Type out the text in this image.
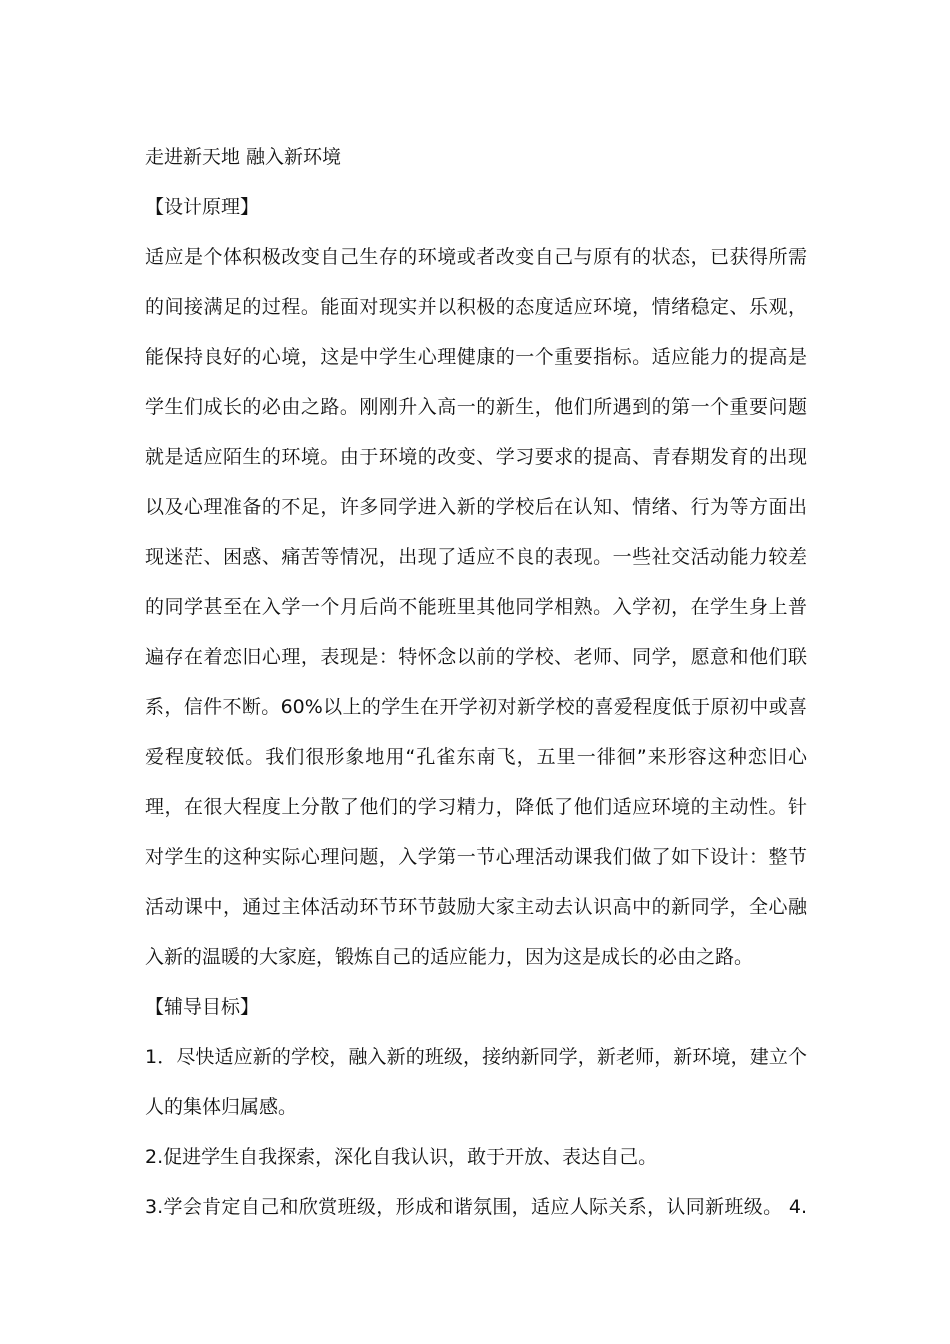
走进新天地 融入新环境
【设计原理】
适应是个体积极改变自己生存的环境或者改变自己与原有的状态，已获得所需
的间接满足的过程。能面对现实并以积极的态度适应环境，情绪稳定、乐观，
能保持良好的心境，这是中学生心理健康的一个重要指标。适应能力的提高是
学生们成长的必由之路。刚刚升入高一的新生，他们所遇到的第一个重要问题
就是适应陌生的环境。由于环境的改变、学习要求的提高、青春期发育的出现
以及心理准备的不足，许多同学进入新的学校后在认知、情绪、行为等方面出
现迷茫、困惑、痛苦等情况，出现了适应不良的表现。一些社交活动能力较差
的同学甚至在入学一个月后尚不能班里其他同学相熟。入学初，在学生身上普
遍存在着恋旧心理，表现是：特怀念以前的学校、老师、同学，愿意和他们联
系，信件不断。60%以上的学生在开学初对新学校的喜爱程度低于原初中或喜
爱程度较低。我们很形象地用“孔雀东南飞，五里一徘徊”来形容这种恋旧心
理，在很大程度上分散了他们的学习精力，降低了他们适应环境的主动性。针
对学生的这种实际心理问题，入学第一节心理活动课我们做了如下设计：整节
活动课中，通过主体活动环节环节鼓励大家主动去认识高中的新同学，全心融
入新的温暖的大家庭，锻炼自己的适应能力，因为这是成长的必由之路。
【辅导目标】
1．尽快适应新的学校，融入新的班级，接纳新同学，新老师，新环境，建立个
人的集体归属感。
2.促进学生自我探索，深化自我认识，敢于开放、表达自己。
3.学会肯定自己和欣赏班级，形成和谐氛围，适应人际关系，认同新班级。 4.
